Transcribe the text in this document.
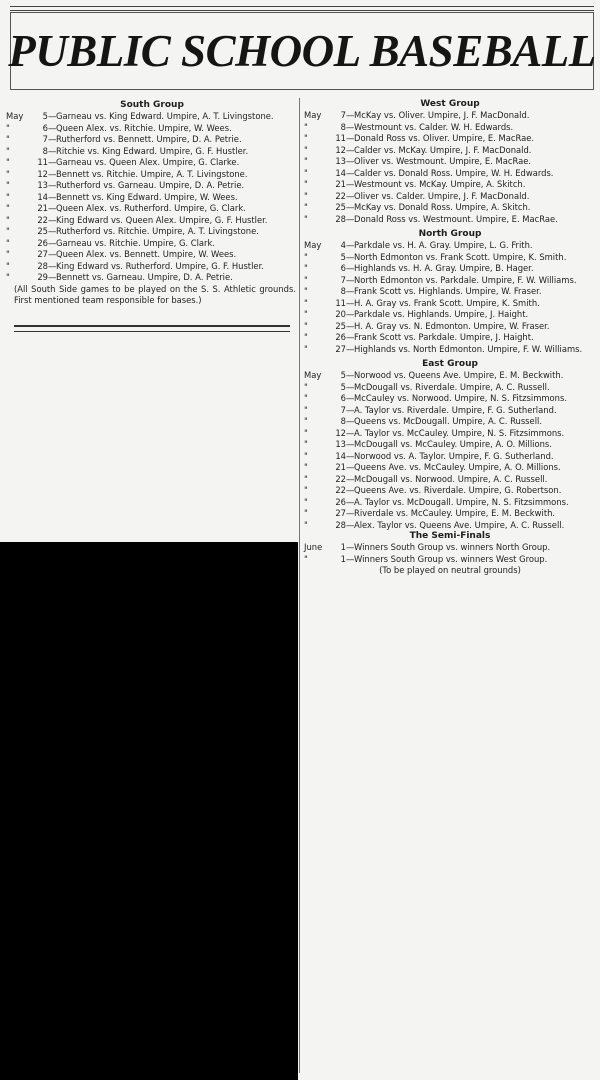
PUBLIC SCHOOL BASEBALL
South Group
May	5 — Garneau vs. King Edward. Umpire, A. T. Livingstone.
"	6 — Queen Alex. vs. Ritchie. Umpire, W. Wees.
"	7 — Rutherford vs. Bennett. Umpire, D. A. Petrie.
"	8 — Ritchie vs. King Edward. Umpire, G. F. Hustler.
"	11 — Garneau vs. Queen Alex. Umpire, G. Clarke.
"	12 — Bennett vs. Ritchie. Umpire, A. T. Livingstone.
"	13 — Rutherford vs. Garneau. Umpire, D. A. Petrie.
"	14 — Bennett vs. King Edward. Umpire, W. Wees.
"	21 — Queen Alex. vs. Rutherford. Umpire, G. Clark.
"	22 — King Edward vs. Queen Alex. Umpire, G. F. Hustler.
"	25 — Rutherford vs. Ritchie. Umpire, A. T. Livingstone.
"	26 — Garneau vs. Ritchie. Umpire, G. Clark.
"	27 — Queen Alex. vs. Bennett. Umpire, W. Wees.
"	28 — King Edward vs. Rutherford. Umpire, G. F. Hustler.
"	29 — Bennett vs. Garneau. Umpire, D. A. Petrie.
(All South Side games to be played on the S. S. Athletic grounds. First mentioned team responsible for bases.)
West Group
May	7 — McKay vs. Oliver. Umpire, J. F. MacDonald.
"	8 — Westmount vs. Calder. W. H. Edwards.
"	11 — Donald Ross vs. Oliver. Umpire, E. MacRae.
"	12 — Calder vs. McKay. Umpire, J. F. MacDonald.
"	13 — Oliver vs. Westmount. Umpire, E. MacRae.
"	14 — Calder vs. Donald Ross. Umpire, W. H. Edwards.
"	21 — Westmount vs. McKay. Umpire, A. Skitch.
"	22 — Oliver vs. Calder. Umpire, J. F. MacDonald.
"	25 — McKay vs. Donald Ross. Umpire, A. Skitch.
"	28 — Donald Ross vs. Westmount. Umpire, E. MacRae.
North Group
May	4 — Parkdale vs. H. A. Gray. Umpire, L. G. Frith.
"	5 — North Edmonton vs. Frank Scott. Umpire, K. Smith.
"	6 — Highlands vs. H. A. Gray. Umpire, B. Hager.
"	7 — North Edmonton vs. Parkdale. Umpire, F. W. Williams.
"	8 — Frank Scott vs. Highlands. Umpire, W. Fraser.
"	11 — H. A. Gray vs. Frank Scott. Umpire, K. Smith.
"	20 — Parkdale vs. Highlands. Umpire, J. Haight.
"	25 — H. A. Gray vs. N. Edmonton. Umpire, W. Fraser.
"	26 — Frank Scott vs. Parkdale. Umpire, J. Haight.
"	27 — Highlands vs. North Edmonton. Umpire, F. W. Williams.
East Group
May	5 — Norwood vs. Queens Ave. Umpire, E. M. Beckwith.
"	5 — McDougall vs. Riverdale. Umpire, A. C. Russell.
"	6 — McCauley vs. Norwood. Umpire, N. S. Fitzsimmons.
"	7 — A. Taylor vs. Riverdale. Umpire, F. G. Sutherland.
"	8 — Queens vs. McDougall. Umpire, A. C. Russell.
"	12 — A. Taylor vs. McCauley. Umpire, N. S. Fitzsimmons.
"	13 — McDougall vs. McCauley. Umpire, A. O. Millions.
"	14 — Norwood vs. A. Taylor. Umpire, F. G. Sutherland.
"	21 — Queens Ave. vs. McCauley. Umpire, A. O. Millions.
"	22 — McDougall vs. Norwood. Umpire, A. C. Russell.
"	22 — Queens Ave. vs. Riverdale. Umpire, G. Robertson.
"	26 — A. Taylor vs. McDougall. Umpire, N. S. Fitzsimmons.
"	27 — Riverdale vs. McCauley. Umpire, E. M. Beckwith.
"	28 — Alex. Taylor vs. Queens Ave. Umpire, A. C. Russell.
The Semi-Finals
June	1 — Winners South Group vs. winners North Group.
"	1 — Winners South Group vs. winners West Group.
(To be played on neutral grounds)
